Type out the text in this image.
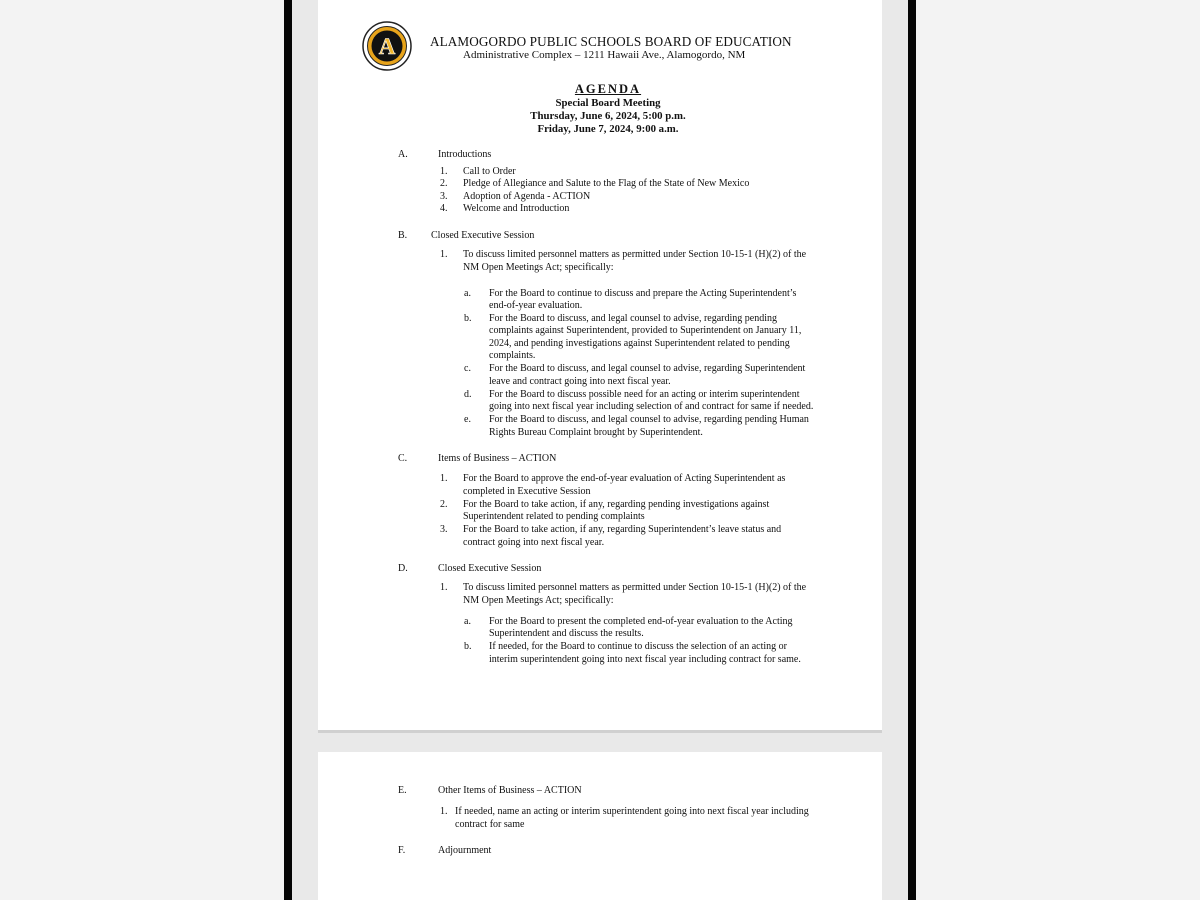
A	ALAMOGORDO PUBLIC SCHOOLS BOARD OF EDUCATION
Administrative Complex – 1211 Hawaii Ave., Alamogordo, NM
AGENDA
Special Board Meeting
Thursday, June 6, 2024, 5:00 p.m.
Friday, June 7, 2024, 9:00 a.m.
A.	Introductions
1. Call to Order
2. Pledge of Allegiance and Salute to the Flag of the State of New Mexico
3. Adoption of Agenda - ACTION
4. Welcome and Introduction
B. Closed Executive Session
1. To discuss limited personnel matters as permitted under Section 10-15-1 (H)(2) of the
NM Open Meetings Act; specifically:
a. For the Board to continue to discuss and prepare the Acting Superintendent’s
end-of-year evaluation.
b. For the Board to discuss, and legal counsel to advise, regarding pending
complaints against Superintendent, provided to Superintendent on January 11,
2024, and pending investigations against Superintendent related to pending
complaints.
c. For the Board to discuss, and legal counsel to advise, regarding Superintendent
leave and contract going into next fiscal year.
d. For the Board to discuss possible need for an acting or interim superintendent
going into next fiscal year including selection of and contract for same if needed.
e. For the Board to discuss, and legal counsel to advise, regarding pending Human
Rights Bureau Complaint brought by Superintendent.
C.	Items of Business – ACTION
1. For the Board to approve the end-of-year evaluation of Acting Superintendent as
completed in Executive Session
2. For the Board to take action, if any, regarding pending investigations against
Superintendent related to pending complaints
3. For the Board to take action, if any, regarding Superintendent’s leave status and
contract going into next fiscal year.
D.	Closed Executive Session
1. To discuss limited personnel matters as permitted under Section 10-15-1 (H)(2) of the
NM Open Meetings Act; specifically:
a. For the Board to present the completed end-of-year evaluation to the Acting
Superintendent and discuss the results.
b. If needed, for the Board to continue to discuss the selection of an acting or
interim superintendent going into next fiscal year including contract for same.
E.	Other Items of Business – ACTION
1. If needed, name an acting or interim superintendent going into next fiscal year including
contract for same
F.	Adjournment
